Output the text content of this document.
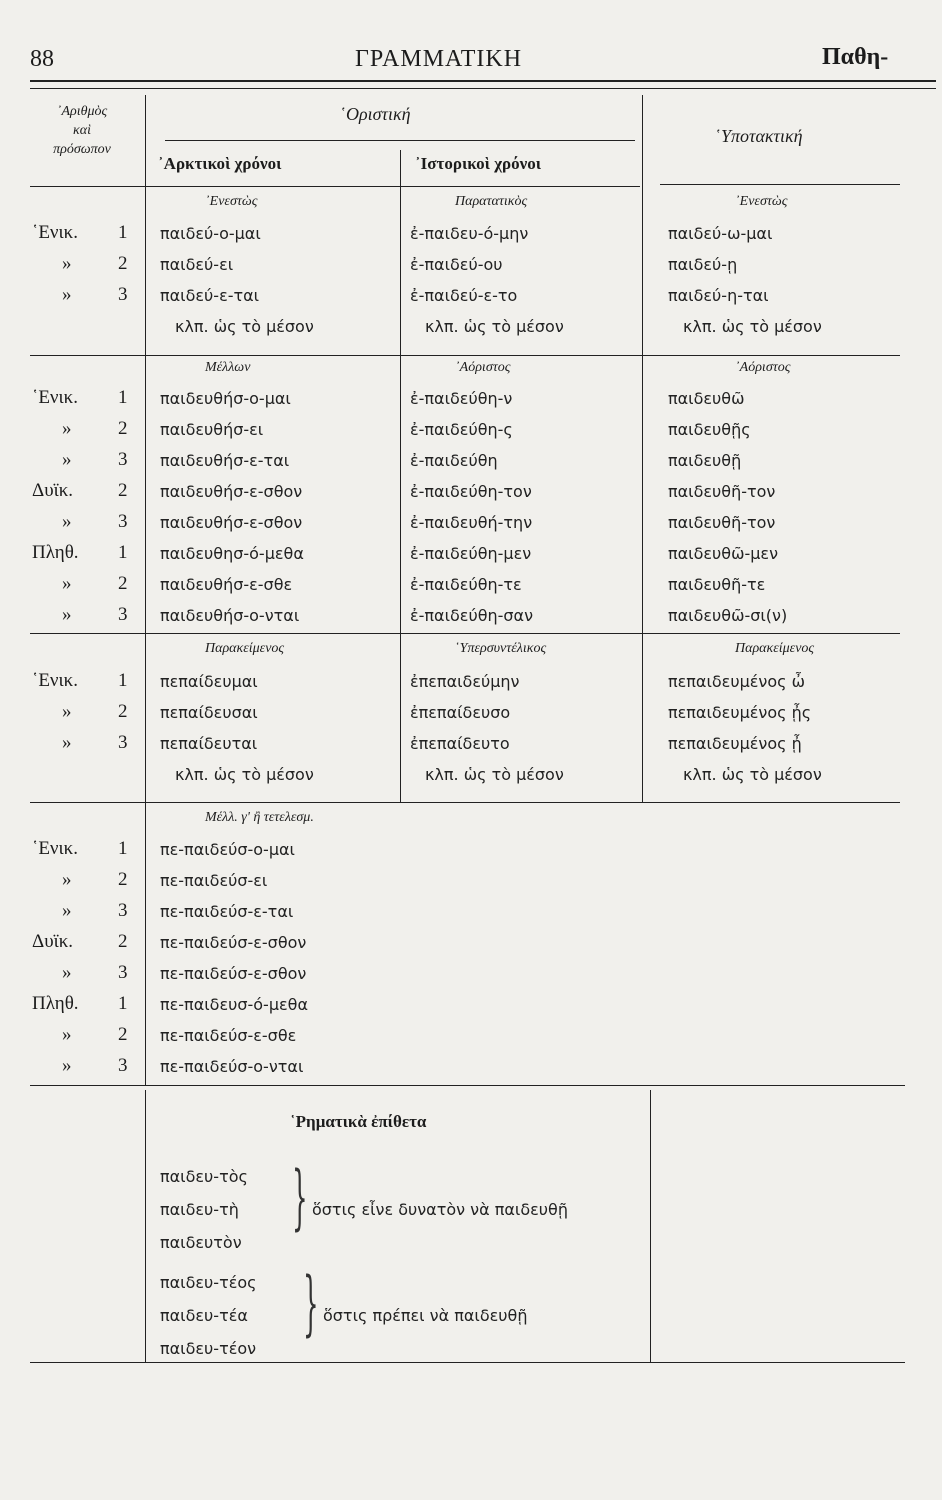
88	ΓΡΑΜΜΑΤΙΚΗ	Παθη-
᾿Αριθμὸς
καὶ
πρόσωπον
῾Οριστική
῾Υποτακτική
᾿Αρκτικοὶ χρόνοι	᾿Ιστορικοὶ χρόνοι
᾿Ενεστὼς	Παρατατικὸς	᾿Ενεστὼς
῾Ενικ. 1 παιδεύ-ο-μαι	ἐ-παιδευ-ό-μην	παιδεύ-ω-μαι
» 2 παιδεύ-ει	ἐ-παιδεύ-ου	παιδεύ-ῃ
» 3 παιδεύ-ε-ται	ἐ-παιδεύ-ε-το	παιδεύ-η-ται
κλπ. ὡς τὸ μέσον	κλπ. ὡς τὸ μέσον	κλπ. ὡς τὸ μέσον
Μέλλων	᾿Αόριστος	᾿Αόριστος
῾Ενικ. 1 παιδευθήσ-ο-μαι	ἐ-παιδεύθη-ν	παιδευθῶ
» 2 παιδευθήσ-ει	ἐ-παιδεύθη-ς	παιδευθῇς
» 3 παιδευθήσ-ε-ται	ἐ-παιδεύθη	παιδευθῇ
Δυϊκ. 2 παιδευθήσ-ε-σθον	ἐ-παιδεύθη-τον	παιδευθῆ-τον
» 3 παιδευθήσ-ε-σθον	ἐ-παιδευθή-την	παιδευθῆ-τον
Πληθ. 1 παιδευθησ-ό-μεθα	ἐ-παιδεύθη-μεν	παιδευθῶ-μεν
» 2 παιδευθήσ-ε-σθε	ἐ-παιδεύθη-τε	παιδευθῆ-τε
» 3 παιδευθήσ-ο-νται	ἐ-παιδεύθη-σαν	παιδευθῶ-σι(ν)
Παρακείμενος	῾Υπερσυντέλικος	Παρακείμενος
῾Ενικ. 1 πεπαίδευμαι	ἐπεπαιδεύμην	πεπαιδευμένος ὦ
» 2 πεπαίδευσαι	ἐπεπαίδευσο	πεπαιδευμένος ᾖς
» 3 πεπαίδευται	ἐπεπαίδευτο	πεπαιδευμένος ᾖ
κλπ. ὡς τὸ μέσον	κλπ. ὡς τὸ μέσον	κλπ. ὡς τὸ μέσον
Μέλλ. γ' ἢ τετελεσμ.
῾Ενικ. 1 πε-παιδεύσ-ο-μαι
» 2 πε-παιδεύσ-ει
» 3 πε-παιδεύσ-ε-ται
Δυϊκ. 2 πε-παιδεύσ-ε-σθον
» 3 πε-παιδεύσ-ε-σθον
Πληθ. 1 πε-παιδευσ-ό-μεθα
» 2 πε-παιδεύσ-ε-σθε
» 3 πε-παιδεύσ-ο-νται
῾Ρηματικὰ ἐπίθετα
παιδευ-τὸς
παιδευ-τὴ
παιδευτὸν
} ὅστις εἶνε δυνατὸν νὰ παιδευθῇ
παιδευ-τέος
παιδευ-τέα
παιδευ-τέον
} ὅστις πρέπει νὰ παιδευθῇ
